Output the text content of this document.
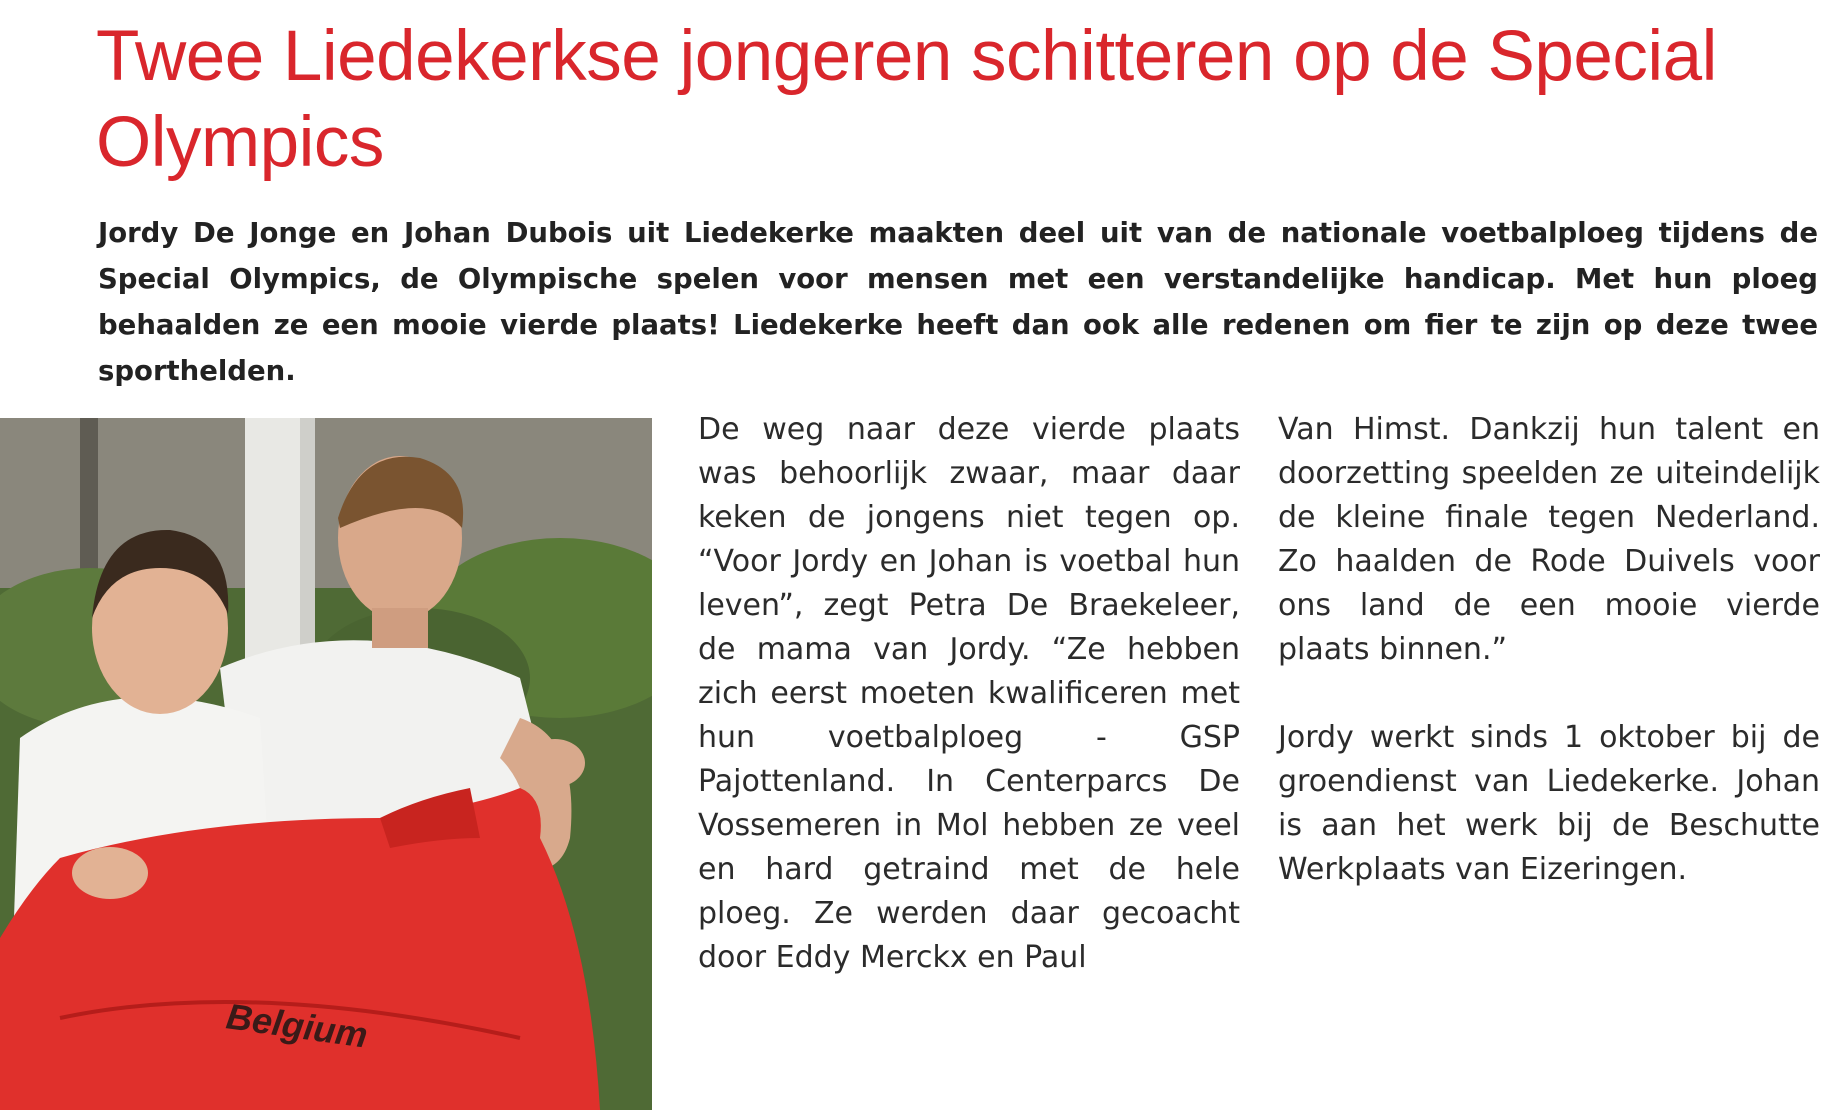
Twee Liedekerkse jongeren schitteren op de Special Olympics

Jordy De Jonge en Johan Dubois uit Liedekerke maakten deel uit van de nationale voetbalploeg tijdens de Special Olympics, de Olympische spelen voor mensen met een verstandelijke handicap. Met hun ploeg behaalden ze een mooie vierde plaats! Liedekerke heeft dan ook alle redenen om fier te zijn op deze twee sporthelden.

Belgium

De weg naar deze vierde plaats was behoorlijk zwaar, maar daar keken de jongens niet tegen op. “Voor Jordy en Johan is voetbal hun leven”, zegt Petra De Braekeleer, de mama van Jordy. “Ze hebben zich eerst moeten kwalificeren met hun voetbalploeg - GSP Pajottenland. In Centerparcs De Vossemeren in Mol hebben ze veel en hard getraind met de hele ploeg. Ze werden daar gecoacht door Eddy Merckx en Paul

Van Himst. Dankzij hun talent en doorzetting speelden ze uiteindelijk de kleine finale tegen Nederland. Zo haalden de Rode Duivels voor ons land de een mooie vierde plaats binnen.”

Jordy werkt sinds 1 oktober bij de groendienst van Liedekerke. Johan is aan het werk bij de Beschutte Werkplaats van Eizeringen.
